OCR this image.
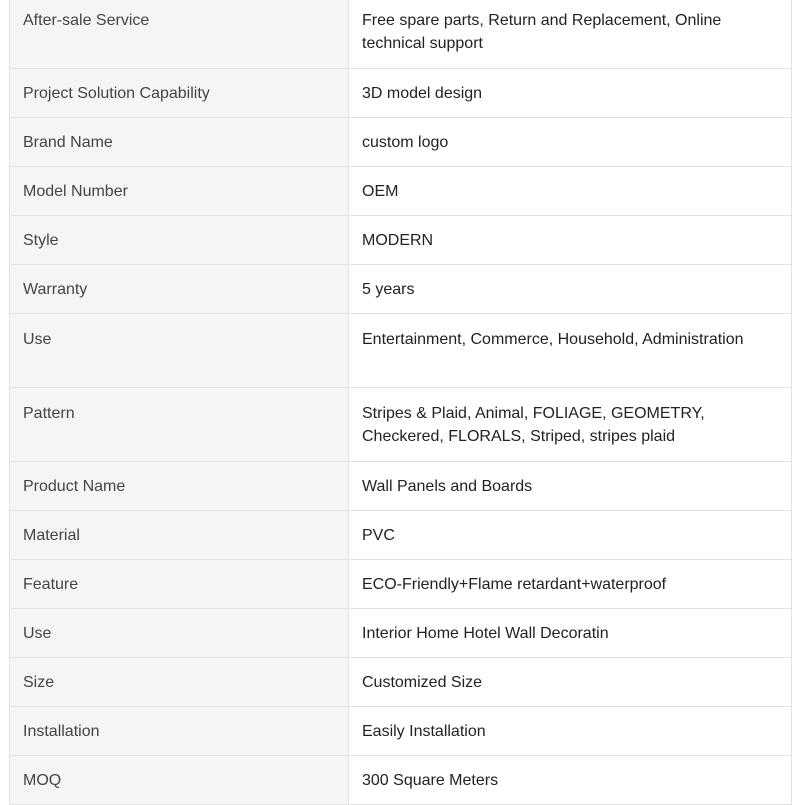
After-sale Service	Free spare parts, Return and Replacement, Online technical support

Project Solution Capability	3D model design

Brand Name	custom logo

Model Number	OEM

Style	MODERN

Warranty	5 years

Use	Entertainment, Commerce, Household, Administration

Pattern	Stripes & Plaid, Animal, FOLIAGE, GEOMETRY, Checkered, FLORALS, Striped, stripes plaid

Product Name	Wall Panels and Boards

Material	PVC

Feature	ECO-Friendly+Flame retardant+waterproof

Use	Interior Home Hotel Wall Decoratin

Size	Customized Size

Installation	Easily Installation

MOQ	300 Square Meters
